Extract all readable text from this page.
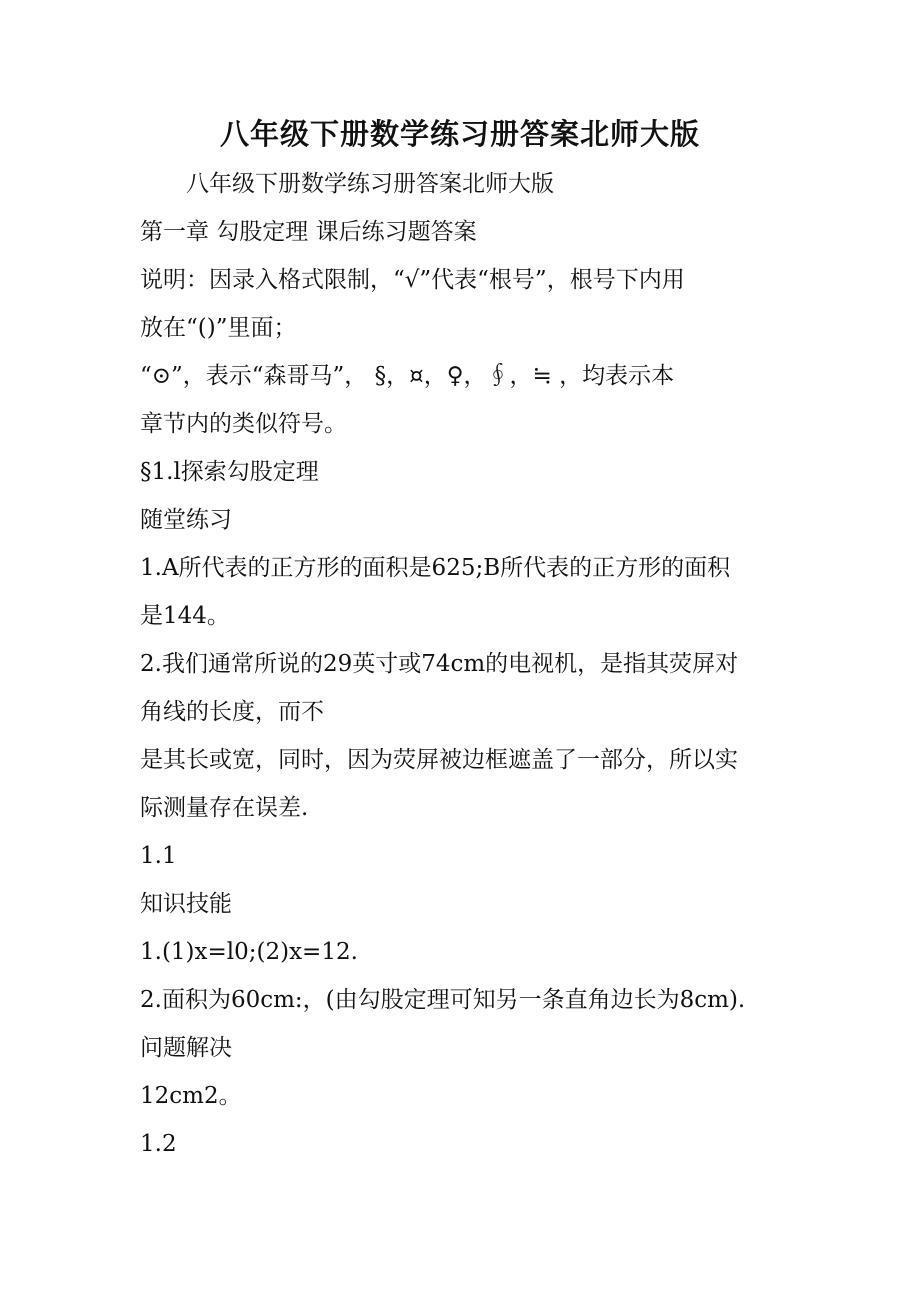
八年级下册数学练习册答案北师大版
八年级下册数学练习册答案北师大版
第一章 勾股定理 课后练习题答案
说明：因录入格式限制，“√”代表“根号”，根号下内用
放在“()”里面；
“⊙”，表示“森哥马”， §，¤，♀，∮，≒ ，均表示本
章节内的类似符号。
§1.l探索勾股定理
随堂练习
1.A所代表的正方形的面积是625;B所代表的正方形的面积
是144。
2.我们通常所说的29英寸或74cm的电视机，是指其荧屏对
角线的长度，而不
是其长或宽，同时，因为荧屏被边框遮盖了一部分，所以实
际测量存在误差.
1.1
知识技能
1.(1)x=l0;(2)x=12.
2.面积为60cm:，(由勾股定理可知另一条直角边长为8cm).
问题解决
12cm2。
1.2
